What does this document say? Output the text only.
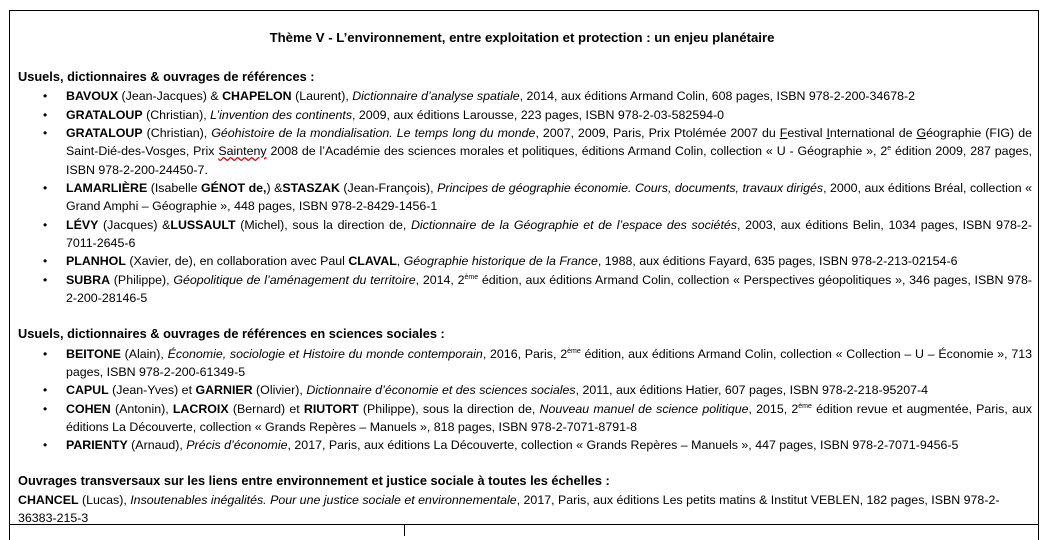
Thème V - L’environnement, entre exploitation et protection : un enjeu planétaire
Usuels, dictionnaires & ouvrages de références :
• BAVOUX (Jean-Jacques) & CHAPELON (Laurent), Dictionnaire d’analyse spatiale, 2014, aux éditions Armand Colin, 608 pages, ISBN 978-2-200-34678-2
• GRATALOUP (Christian), L’invention des continents, 2009, aux éditions Larousse, 223 pages, ISBN 978-2-03-582594-0
• GRATALOUP (Christian), Géohistoire de la mondialisation. Le temps long du monde, 2007, 2009, Paris, Prix Ptolémée 2007 du Festival International de Géographie (FIG) de Saint-Dié-des-Vosges, Prix Sainteny 2008 de l’Académie des sciences morales et politiques, éditions Armand Colin, collection « U - Géographie », 2e édition 2009, 287 pages, ISBN 978-2-200-24450-7.
• LAMARLIÈRE (Isabelle GÉNOT de,) &STASZAK (Jean-François), Principes de géographie économie. Cours, documents, travaux dirigés, 2000, aux éditions Bréal, collection « Grand Amphi – Géographie », 448 pages, ISBN 978-2-8429-1456-1
• LÉVY (Jacques) &LUSSAULT (Michel), sous la direction de, Dictionnaire de la Géographie et de l’espace des sociétés, 2003, aux éditions Belin, 1034 pages, ISBN 978-2-7011-2645-6
• PLANHOL (Xavier, de), en collaboration avec Paul CLAVAL, Géographie historique de la France, 1988, aux éditions Fayard, 635 pages, ISBN 978-2-213-02154-6
• SUBRA (Philippe), Géopolitique de l’aménagement du territoire, 2014, 2ème édition, aux éditions Armand Colin, collection « Perspectives géopolitiques », 346 pages, ISBN 978-2-200-28146-5
Usuels, dictionnaires & ouvrages de références en sciences sociales :
• BEITONE (Alain), Économie, sociologie et Histoire du monde contemporain, 2016, Paris, 2ème édition, aux éditions Armand Colin, collection « Collection – U – Économie », 713 pages, ISBN 978-2-200-61349-5
• CAPUL (Jean-Yves) et GARNIER (Olivier), Dictionnaire d’économie et des sciences sociales, 2011, aux éditions Hatier, 607 pages, ISBN 978-2-218-95207-4
• COHEN (Antonin), LACROIX (Bernard) et RIUTORT (Philippe), sous la direction de, Nouveau manuel de science politique, 2015, 2ème édition revue et augmentée, Paris, aux éditions La Découverte, collection « Grands Repères – Manuels », 818 pages, ISBN 978-2-7071-8791-8
• PARIENTY (Arnaud), Précis d’économie, 2017, Paris, aux éditions La Découverte, collection « Grands Repères – Manuels », 447 pages, ISBN 978-2-7071-9456-5
Ouvrages transversaux sur les liens entre environnement et justice sociale à toutes les échelles :
CHANCEL (Lucas), Insoutenables inégalités. Pour une justice sociale et environnementale, 2017, Paris, aux éditions Les petits matins & Institut VEBLEN, 182 pages, ISBN 978-2-36383-215-3
